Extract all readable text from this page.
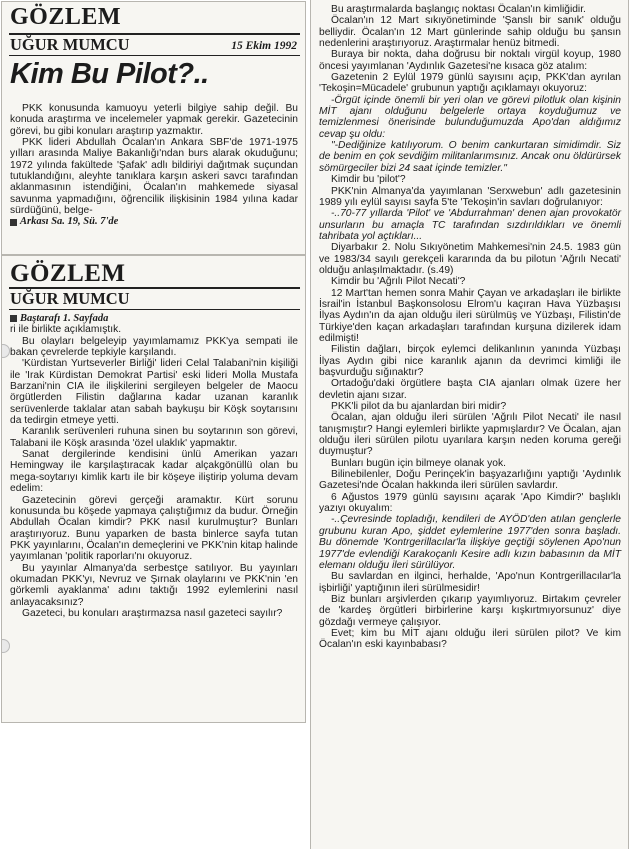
GÖZLEM
UĞUR MUMCU	15 Ekim 1992
Kim Bu Pilot?..

PKK konusunda kamuoyu yeterli bilgiye sahip değil. Bu konuda araştırma ve incelemeler yapmak gerekir. Gazetecinin görevi, bu gibi konuları araştırıp yazmaktır.

PKK lideri Abdullah Öcalan'ın Ankara SBF'de 1971-1975 yılları arasında Maliye Bakanlığı'ndan burs alarak okuduğunu; 1972 yılında fakültede 'Şafak' adlı bildiriyi dağıtmak suçundan tutuklandığını, aleyhte tanıklara karşın askeri savcı tarafından aklanmasının istendiğini, Öcalan'ın mahkemede siyasal savunma yapmadığını, öğrencilik ilişkisinin 1984 yılına kadar sürdüğünü, belge-

Arkası Sa. 19, Sü. 7'de

GÖZLEM
UĞUR MUMCU

Baştarafı 1. Sayfada

ri ile birlikte açıklamıştık.

Bu olayları belgeleyip yayımlamamız PKK'ya sempati ile bakan çevrelerde tepkiyle karşılandı.

'Kürdistan Yurtseverler Birliği' lideri Celal Talabani'nin kişiliği ile 'Irak Kürdistan Demokrat Partisi' eski lideri Molla Mustafa Barzani'nin CIA ile ilişkilerini sergileyen belgeler de Maocu örgütlerden Filistin dağlarına kadar uzanan karanlık serüvenlerde taklalar atan sabah baykuşu bir Köşk soytarısını da tedirgin etmeye yetti.

Karanlık serüvenleri ruhuna sinen bu soytarının son görevi, Talabani ile Köşk arasında 'özel ulaklık' yapmaktır.

Sanat dergilerinde kendisini ünlü Amerikan yazarı Hemingway ile karşılaştıracak kadar alçakgönüllü olan bu mega-soytarıyı kimlik kartı ile bir köşeye iliştirip yoluma devam edelim:

Gazetecinin görevi gerçeği aramaktır. Kürt sorunu konusunda bu köşede yapmaya çalıştığımız da budur. Örneğin Abdullah Öcalan kimdir? PKK nasıl kurulmuştur? Bunları araştırıyoruz. Bunu yaparken de basta binlerce sayfa tutan PKK yayınlarını, Öcalan'ın demeçlerini ve PKK'nin kitap halinde yayımlanan 'politik raporları'nı okuyoruz.

Bu yayınlar Almanya'da serbestçe satılıyor. Bu yayınları okumadan PKK'yı, Nevruz ve Şırnak olaylarını ve PKK'nin 'en görkemli ayaklanma' adını taktığı 1992 eylemlerini nasıl anlayacaksınız?

Gazeteci, bu konuları araştırmazsa nasıl gazeteci sayılır?

Bu araştırmalarda başlangıç noktası Öcalan'ın kimliğidir.

Öcalan'ın 12 Mart sıkıyönetiminde 'Şanslı bir sanık' olduğu belliydir. Öcalan'ın 12 Mart günlerinde sahip olduğu bu şansın nedenlerini araştırıyoruz. Araştırmalar henüz bitmedi.

Buraya bir nokta, daha doğrusu bir noktalı virgül koyup, 1980 öncesi yayımlanan 'Aydınlık Gazetesi'ne kısaca göz atalım:

Gazetenin 2 Eylül 1979 günlü sayısını açıp, PKK'dan ayrılan 'Tekoşin=Mücadele' grubunun yaptığı açıklamayı okuyoruz:

-Örgüt içinde önemli bir yeri olan ve görevi pilotluk olan kişinin MİT ajanı olduğunu belgelerle ortaya koyduğumuz ve temizlenmesi önerisinde bulunduğumuzda Apo'dan aldığımız cevap şu oldu:

"-Dediğinize katılıyorum. O benim cankurtaran simidimdir. Siz de benim en çok sevdiğim militanlarımsınız. Ancak onu öldürürsek sömürgeciler bizi 24 saat içinde temizler."

Kimdir bu 'pilot'?

PKK'nin Almanya'da yayımlanan 'Serxwebun' adlı gazetesinin 1989 yılı eylül sayısı sayfa 5'te 'Tekoşin'in savları doğrulanıyor:

-..70-77 yıllarda 'Pilot' ve 'Abdurrahman' denen ajan provokatör unsurların bu amaçla TC tarafından sızdırıldıkları ve önemli tahribata yol açtıkları...

Diyarbakır 2. Nolu Sıkıyönetim Mahkemesi'nin 24.5. 1983 gün ve 1983/34 sayılı gerekçeli kararında da bu pilotun 'Ağrılı Necati' olduğu anlaşılmaktadır. (s.49)

Kimdir bu 'Ağrılı Pilot Necati'?

12 Mart'tan hemen sonra Mahir Çayan ve arkadaşları ile birlikte İsrail'in İstanbul Başkonsolosu Elrom'u kaçıran Hava Yüzbaşısı İlyas Aydın'ın da ajan olduğu ileri sürülmüş ve Yüzbaşı, Filistin'de Türkiye'den kaçan arkadaşları tarafından kurşuna dizilerek idam edilmişti!

Filistin dağları, birçok eylemci delikanlının yanında Yüzbaşı İlyas Aydın gibi nice karanlık ajanın da devrimci kimliği ile başvurduğu sığınaktır?

Ortadoğu'daki örgütlere başta CIA ajanları olmak üzere her devletin ajanı sızar.

PKK'li pilot da bu ajanlardan biri midir?

Öcalan, ajan olduğu ileri sürülen 'Ağrılı Pilot Necati' ile nasıl tanışmıştır? Hangi eylemleri birlikte yapmışlardır? Ve Öcalan, ajan olduğu ileri sürülen pilotu uyarılara karşın neden koruma gereği duymuştur?

Bunları bugün için bilmeye olanak yok.

Bilinebilenler, Doğu Perinçek'in başyazarlığını yaptığı 'Aydınlık Gazetesi'nde Öcalan hakkında ileri sürülen savlardır.

6 Ağustos 1979 günlü sayısını açarak 'Apo Kimdir?' başlıklı yazıyı okuyalım:

-..Çevresinde topladığı, kendileri de AYÖD'den atılan gençlerle grubunu kuran Apo, şiddet eylemlerine 1977'den sonra başladı. Bu dönemde 'Kontrgerillacılar'la ilişkiye geçtiği söylenen Apo'nun 1977'de evlendiği Karakoçanlı Kesire adlı kızın babasının da MİT elemanı olduğu ileri sürülüyor.

Bu savlardan en ilginci, herhalde, 'Apo'nun Kontrgerillacılar'la işbirliği' yaptığının ileri sürülmesidir!

Biz bunları arşivlerden çıkarıp yayımlıyoruz. Birtakım çevreler de 'kardeş örgütleri birbirlerine karşı kışkırtmıyorsunuz' diye gözdağı vermeye çalışıyor.

Evet; kim bu MİT ajanı olduğu ileri sürülen pilot? Ve kim Öcalan'ın eski kayınbabası?
